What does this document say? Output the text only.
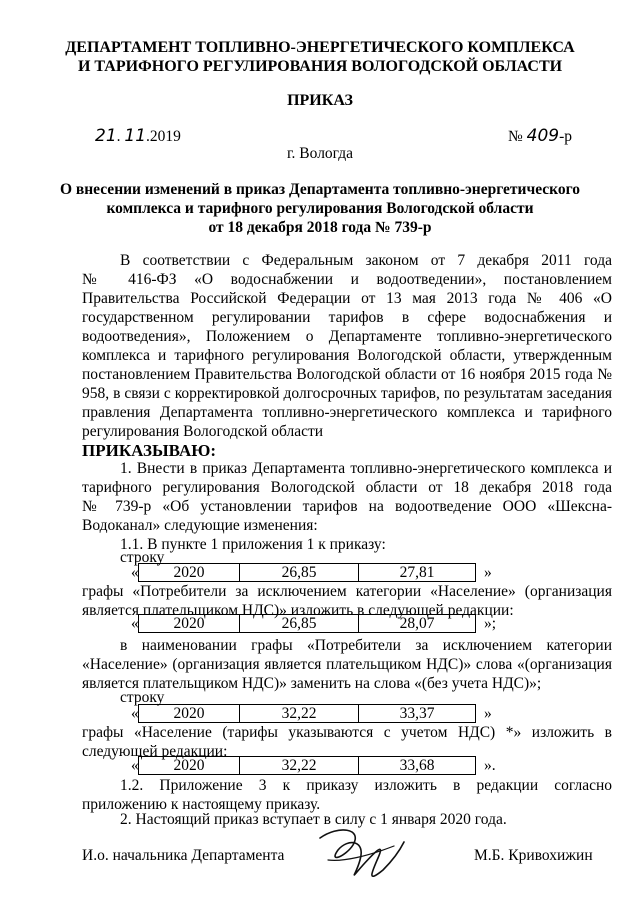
ДЕПАРТАМЕНТ ТОПЛИВНО-ЭНЕРГЕТИЧЕСКОГО КОМПЛЕКСА
И ТАРИФНОГО РЕГУЛИРОВАНИЯ ВОЛОГОДСКОЙ ОБЛАСТИ
ПРИКАЗ
21. 11.2019	№ 409-р
г. Вологда
О внесении изменений в приказ Департамента топливно-энергетического
комплекса и тарифного регулирования Вологодской области
от 18 декабря 2018 года № 739-р
В соответствии с Федеральным законом от 7 декабря 2011 года
№ 416-ФЗ «О водоснабжении и водоотведении», постановлением
Правительства Российской Федерации от 13 мая 2013 года № 406 «О
государственном регулировании тарифов в сфере водоснабжения и
водоотведения», Положением о Департаменте топливно-энергетического
комплекса и тарифного регулирования Вологодской области, утвержденным
постановлением Правительства Вологодской области от 16 ноября 2015 года №
958, в связи с корректировкой долгосрочных тарифов, по результатам заседания
правления Департамента топливно-энергетического комплекса и тарифного
регулирования Вологодской области
ПРИКАЗЫВАЮ:
1. Внести в приказ Департамента топливно-энергетического комплекса и
тарифного регулирования Вологодской области от 18 декабря 2018 года
№ 739-р «Об установлении тарифов на водоотведение ООО «Шексна-
Водоканал» следующие изменения:
1.1. В пункте 1 приложения 1 к приказу:
строку
« 2020	26,85	27,81	»
графы «Потребители за исключением категории «Население» (организация
является плательщиком НДС)» изложить в следующей редакции:
« 2020	26,85	28,07	»;
в наименовании графы «Потребители за исключением категории
«Население» (организация является плательщиком НДС)» слова «(организация
является плательщиком НДС)» заменить на слова «(без учета НДС)»;
строку
« 2020	32,22	33,37	»
графы «Население (тарифы указываются с учетом НДС) *» изложить в
следующей редакции:
« 2020	32,22	33,68	».
1.2. Приложение 3 к приказу изложить в редакции согласно
приложению к настоящему приказу.
2. Настоящий приказ вступает в силу с 1 января 2020 года.
И.о. начальника Департамента	М.Б. Кривохижин
